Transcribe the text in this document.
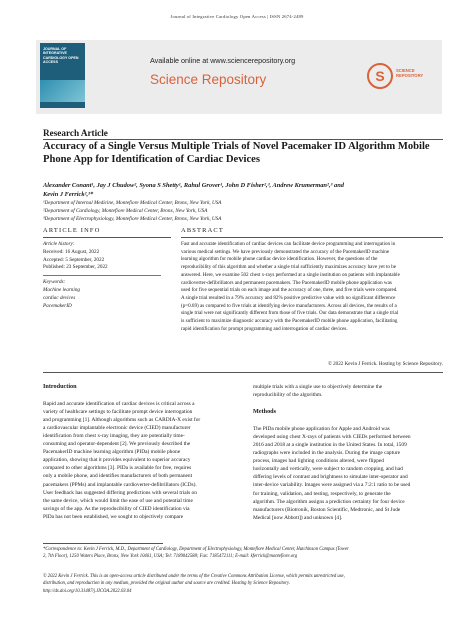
Journal of Integrative Cardiology Open Access | ISSN 2674-2489
JOURNAL OF INTEGRATIVE CARDIOLOGY OPEN ACCESS	Available online at www.sciencerepository.org
Science Repository	S	SCIENCE REPOSITORY
Research Article
Accuracy of a Single Versus Multiple Trials of Novel Pacemaker ID Algorithm Mobile Phone App for Identification of Cardiac Devices
Alexander Conant¹, Jay J Chudow², Syona S Shetty¹, Rahul Grover¹, John D Fisher²,³, Andrew Krumerman²,³ and
Kevin J Ferrick²,³*
¹Department of Internal Medicine, Montefiore Medical Center, Bronx, New York, USA
²Department of Cardiology, Montefiore Medical Center, Bronx, New York, USA
³Department of Electrophysiology, Montefiore Medical Center, Bronx, New York, USA
ARTICLE INFO	ABSTRACT
Article history:
Received: 16 August, 2022
Accepted: 5 September, 2022
Published: 23 September, 2022
Keywords:
Machine learning
cardiac devices
PacemakerID
Fast and accurate identification of cardiac devices can facilitate device programming and interrogation in
various medical settings. We have previously demonstrated the accuracy of the PacemakerID machine
learning algorithm for mobile phone cardiac device identification. However, the questions of the
reproducibility of this algorithm and whether a single trial sufficiently maximizes accuracy have yet to be
answered. Here, we examine 502 chest x-rays performed at a single institution on patients with implantable
cardioverter-defibrillators and permanent pacemakers. The PacemakerID mobile phone application was
used for five sequential trials on each image and the accuracy of one, three, and five trials were compared.
A single trial resulted in a 79% accuracy and 82% positive predictive value with no significant difference
(p=0.69) as compared to five trials at identifying device manufacturers. Across all devices, the results of a
single trial were not significantly different from those of five trials. Our data demonstrate that a single trial
is sufficient to maximize diagnostic accuracy with the PacemakerID mobile phone application, facilitating
rapid identification for prompt programming and interrogation of cardiac devices.
© 2022 Kevin J Ferrick. Hosting by Science Repository.
Introduction
Rapid and accurate identification of cardiac devices is critical across a
variety of healthcare settings to facilitate prompt device interrogation
and programming [1]. Although algorithms such as CARDIA-X exist for
a cardiovascular implantable electronic device (CIED) manufacturer
identification from chest x-ray imaging, they are potentially time-
consuming and operator-dependent [2]. We previously described the
PacemakerID machine learning algorithm (PIDa) mobile phone
application, showing that it provides equivalent to superior accuracy
compared to other algorithms [3]. PIDa is available for free, requires
only a mobile phone, and identifies manufacturers of both permanent
pacemakers (PPMs) and implantable cardioverter-defibrillators (ICDs).
User feedback has suggested differing predictions with several trials on
the same device, which would limit the ease of use and potential time
savings of the app. As the reproducibility of CIED identification via
PIDa has not been established, we sought to objectively compare
multiple trials with a single use to objectively determine the
reproducibility of the algorithm.
Methods
The PIDa mobile phone application for Apple and Android was
developed using chest X-rays of patients with CIEDs performed between
2016 and 2018 at a single institution in the United States. In total, 1509
radiographs were included in the analysis. During the image capture
process, images had lighting conditions altered, were flipped
horizontally and vertically, were subject to random cropping, and had
differing levels of contrast and brightness to simulate inter-operator and
inter-device variability. Images were assigned via a 7:2:1 ratio to be used
for training, validation, and testing, respectively, to generate the
algorithm. The algorithm assigns a prediction certainty for four device
manufacturers (Biotronik, Boston Scientific, Medtronic, and St Jude
Medical [now Abbott]) and unknown [4].
*Correspondence to: Kevin J Ferrick, M.D., Department of Cardiology, Department of Electrophysiology, Montefiore Medical Center, Hutchinson Campus (Tower
2, 7th Floor), 1250 Waters Place, Bronx, New York 10461, USA; Tel: 7189042588; Fax: 7185472111; E-mail: kferrick@montefiore.org
© 2022 Kevin J Ferrick. This is an open-access article distributed under the terms of the Creative Commons Attribution License, which permits unrestricted use,
distribution, and reproduction in any medium, provided the original author and source are credited. Hosting by Science Repository.
http://dx.doi.org/10.31487/j.JICOA.2022.03.04
